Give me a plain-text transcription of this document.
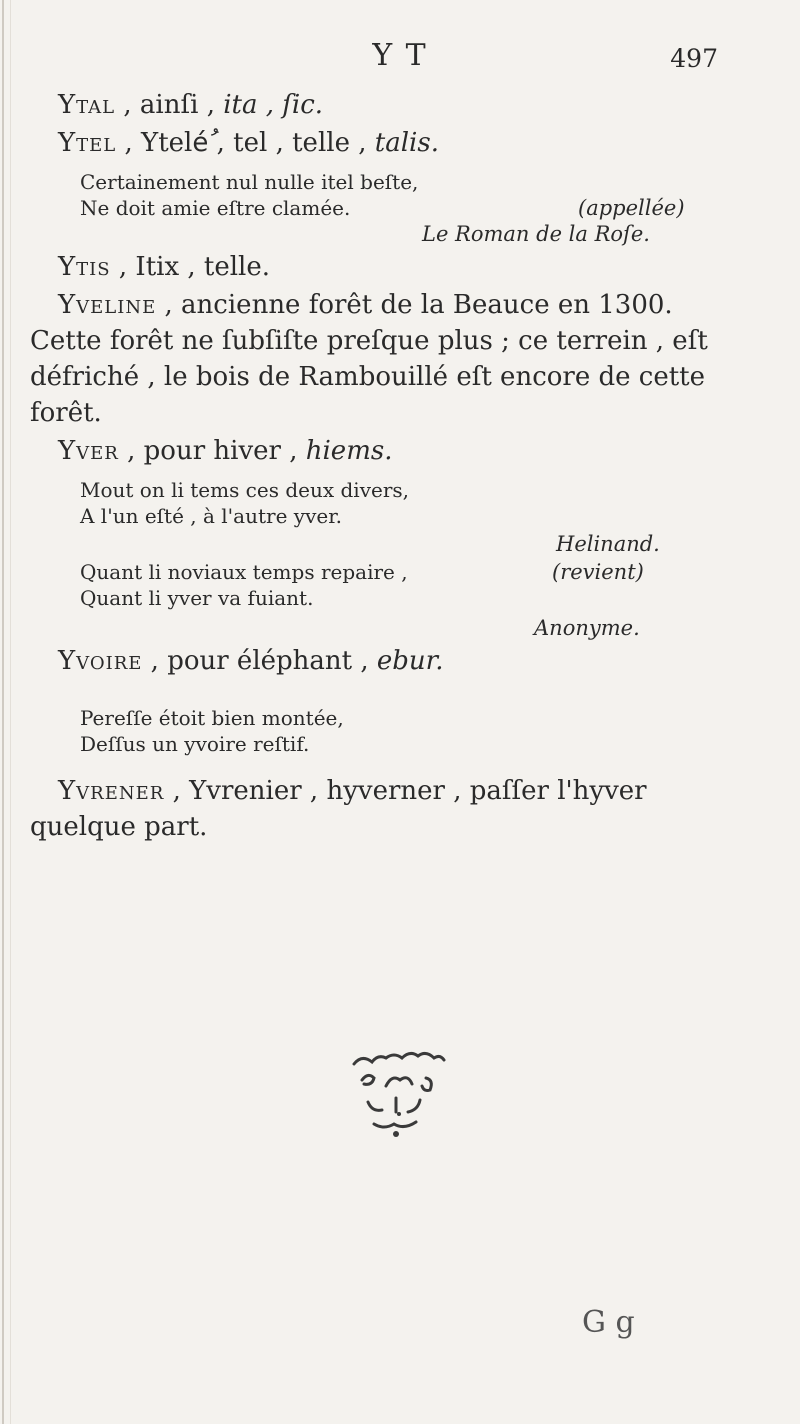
Y T	497
Ytal , ainſi , ita , ſic.
Ytel , Yteléُ , tel , telle , talis.
Certainement nul nulle itel beſte,
Ne doit amie eſtre clamée.	(appellée)
Le Roman de la Roſe.
Ytis , Itix , telle.
Yveline , ancienne forêt de la Beauce en 1300.
Cette forêt ne ſubſiſte preſque plus ; ce terrein , eſt
défriché , le bois de Rambouillé eſt encore de cette
forêt.
Yver , pour hiver , hiems.
Mout on li tems ces deux divers,
A l'un eſté , à l'autre yver.
Helinand.
Quant li noviaux temps repaire ,	(revient)
Quant li yver va fuiant.
Anonyme.
Yvoire , pour éléphant , ebur.
Pereſſe étoit bien montée,
Deſſus un yvoire reſtif.
Yvrener , Yvrenier , hyverner , paſſer l'hyver
quelque part.
G g
